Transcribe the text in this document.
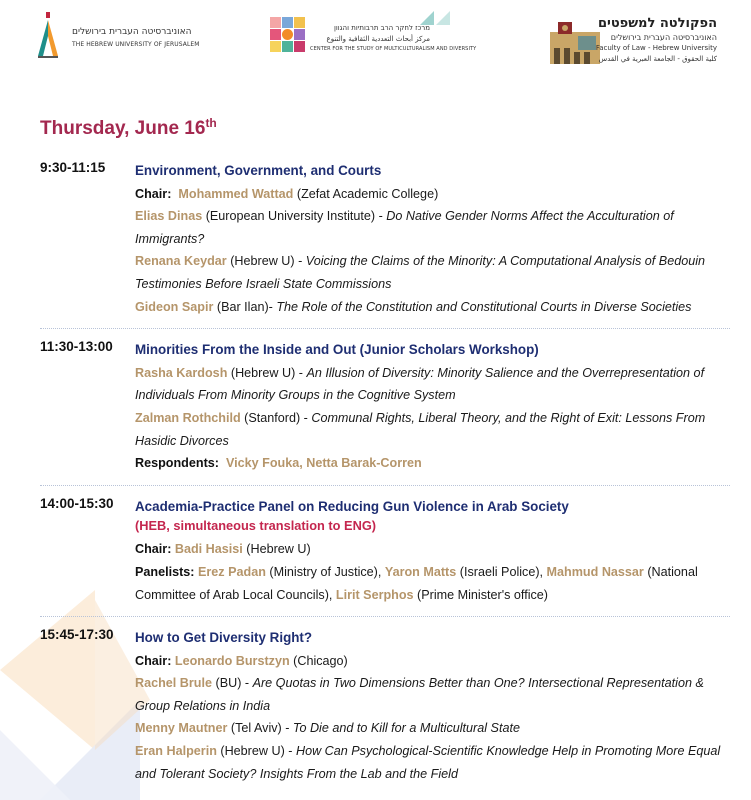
האוניברסיטה העברית בירושלים
THE HEBREW UNIVERSITY OF JERUSALEM
מרכז לחקר הרב תרבותיות והגוון
مركز أبحاث التعددية الثقافية والتنوع
CENTER FOR THE STUDY OF MULTICULTURALISM AND DIVERSITY
הפקולטה למשפטים
האוניברסיטה העברית בירושלים
Faculty of Law - Hebrew University
كلية الحقوق - الجامعة العبرية في القدس
Thursday, June 16th
9:30-11:15 Environment, Government, and Courts
Chair: Mohammed Wattad (Zefat Academic College)
Elias Dinas (European University Institute) - Do Native Gender Norms Affect the Acculturation of Immigrants?
Renana Keydar (Hebrew U) - Voicing the Claims of the Minority: A Computational Analysis of Bedouin Testimonies Before Israeli State Commissions
Gideon Sapir (Bar Ilan)- The Role of the Constitution and Constitutional Courts in Diverse Societies
11:30-13:00 Minorities From the Inside and Out (Junior Scholars Workshop)
Rasha Kardosh (Hebrew U) - An Illusion of Diversity: Minority Salience and the Overrepresentation of Individuals From Minority Groups in the Cognitive System
Zalman Rothchild (Stanford) - Communal Rights, Liberal Theory, and the Right of Exit: Lessons From Hasidic Divorces
Respondents: Vicky Fouka, Netta Barak-Corren
14:00-15:30 Academia-Practice Panel on Reducing Gun Violence in Arab Society
(HEB, simultaneous translation to ENG)
Chair: Badi Hasisi (Hebrew U)
Panelists: Erez Padan (Ministry of Justice), Yaron Matts (Israeli Police), Mahmud Nassar (National Committee of Arab Local Councils), Lirit Serphos (Prime Minister's office)
15:45-17:30 How to Get Diversity Right?
Chair: Leonardo Burstzyn (Chicago)
Rachel Brule (BU) - Are Quotas in Two Dimensions Better than One? Intersectional Representation & Group Relations in India
Menny Mautner (Tel Aviv) - To Die and to Kill for a Multicultural State
Eran Halperin (Hebrew U) - How Can Psychological-Scientific Knowledge Help in Promoting More Equal and Tolerant Society? Insights From the Lab and the Field
